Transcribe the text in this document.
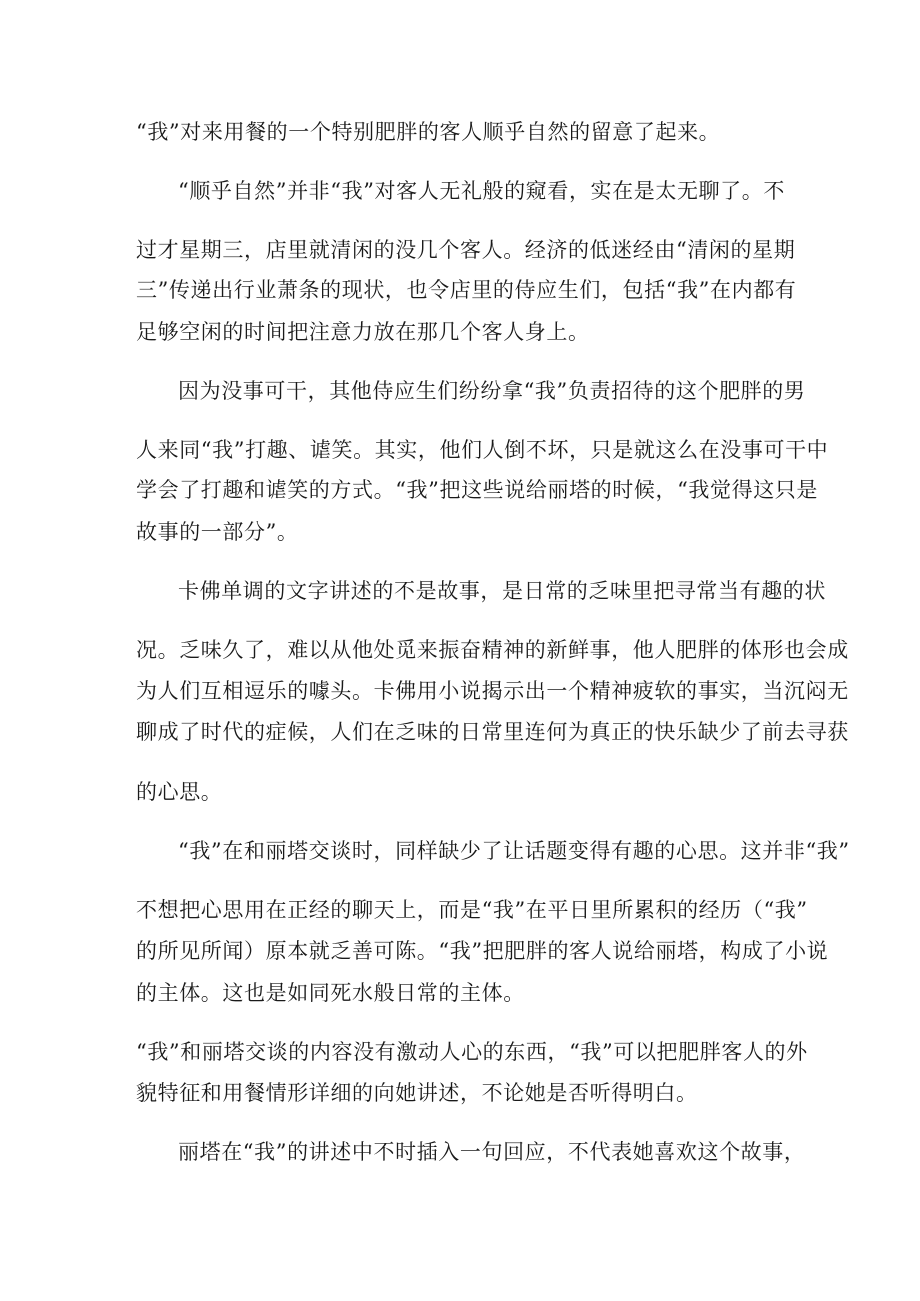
“我”对来用餐的一个特别肥胖的客人顺乎自然的留意了起来。
“顺乎自然”并非“我”对客人无礼般的窥看，实在是太无聊了。不
过才星期三，店里就清闲的没几个客人。经济的低迷经由“清闲的星期
三”传递出行业萧条的现状，也令店里的侍应生们，包括“我”在内都有
足够空闲的时间把注意力放在那几个客人身上。
因为没事可干，其他侍应生们纷纷拿“我”负责招待的这个肥胖的男
人来同“我”打趣、谑笑。其实，他们人倒不坏，只是就这么在没事可干中
学会了打趣和谑笑的方式。“我”把这些说给丽塔的时候，“我觉得这只是
故事的一部分”。
卡佛单调的文字讲述的不是故事，是日常的乏味里把寻常当有趣的状
况。乏味久了，难以从他处觅来振奋精神的新鲜事，他人肥胖的体形也会成
为人们互相逗乐的噱头。卡佛用小说揭示出一个精神疲软的事实，当沉闷无
聊成了时代的症候，人们在乏味的日常里连何为真正的快乐缺少了前去寻获
的心思。
“我”在和丽塔交谈时，同样缺少了让话题变得有趣的心思。这并非“我”
不想把心思用在正经的聊天上，而是“我”在平日里所累积的经历（“我”
的所见所闻）原本就乏善可陈。“我”把肥胖的客人说给丽塔，构成了小说
的主体。这也是如同死水般日常的主体。
“我”和丽塔交谈的内容没有激动人心的东西，“我”可以把肥胖客人的外
貌特征和用餐情形详细的向她讲述，不论她是否听得明白。
丽塔在“我”的讲述中不时插入一句回应，不代表她喜欢这个故事，
